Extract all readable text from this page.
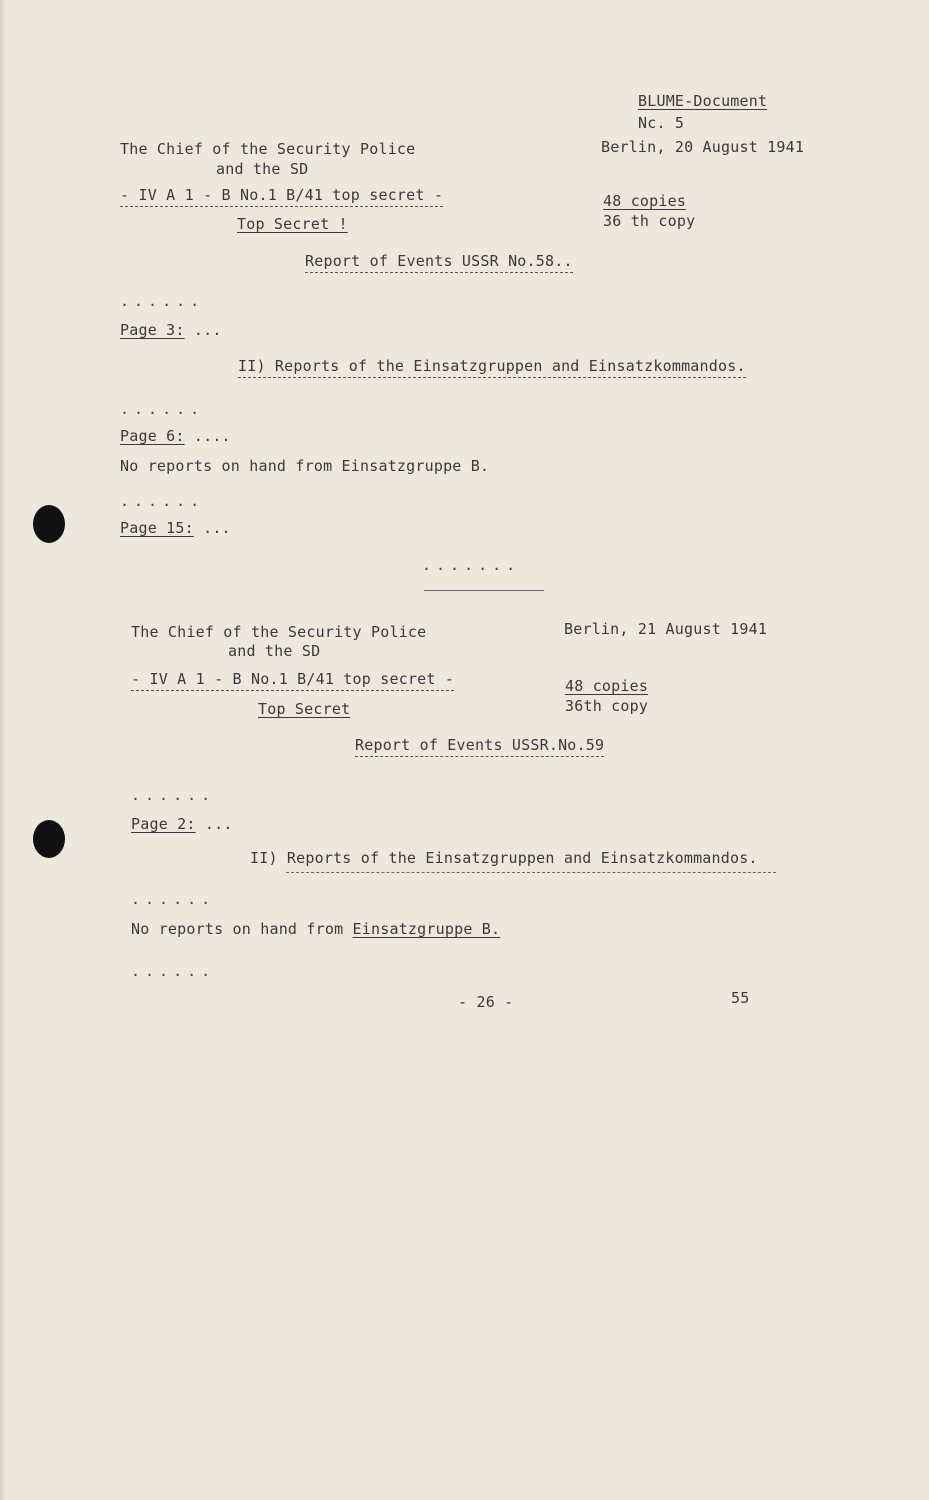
BLUME-Document
Nc. 5
The Chief of the Security Police
and the SD
Berlin, 20 August 1941
- IV A 1 - B No.1 B/41 top secret -	48 copies
Top Secret !	36 th copy
Report of Events USSR No.58..
......
Page 3: ...
II) Reports of the Einsatzgruppen and Einsatzkommandos.
......
Page 6: ....
No reports on hand from Einsatzgruppe B.
......
Page 15: ...
.......
The Chief of the Security Police
and the SD
Berlin, 21 August 1941
- IV A 1 - B No.1 B/41 top secret -	48 copies
Top Secret	36th copy
Report of Events USSR.No.59
......
Page 2: ...
II) Reports of the Einsatzgruppen and Einsatzkommandos.
......
No reports on hand from Einsatzgruppe B.
......
- 26 -	55
